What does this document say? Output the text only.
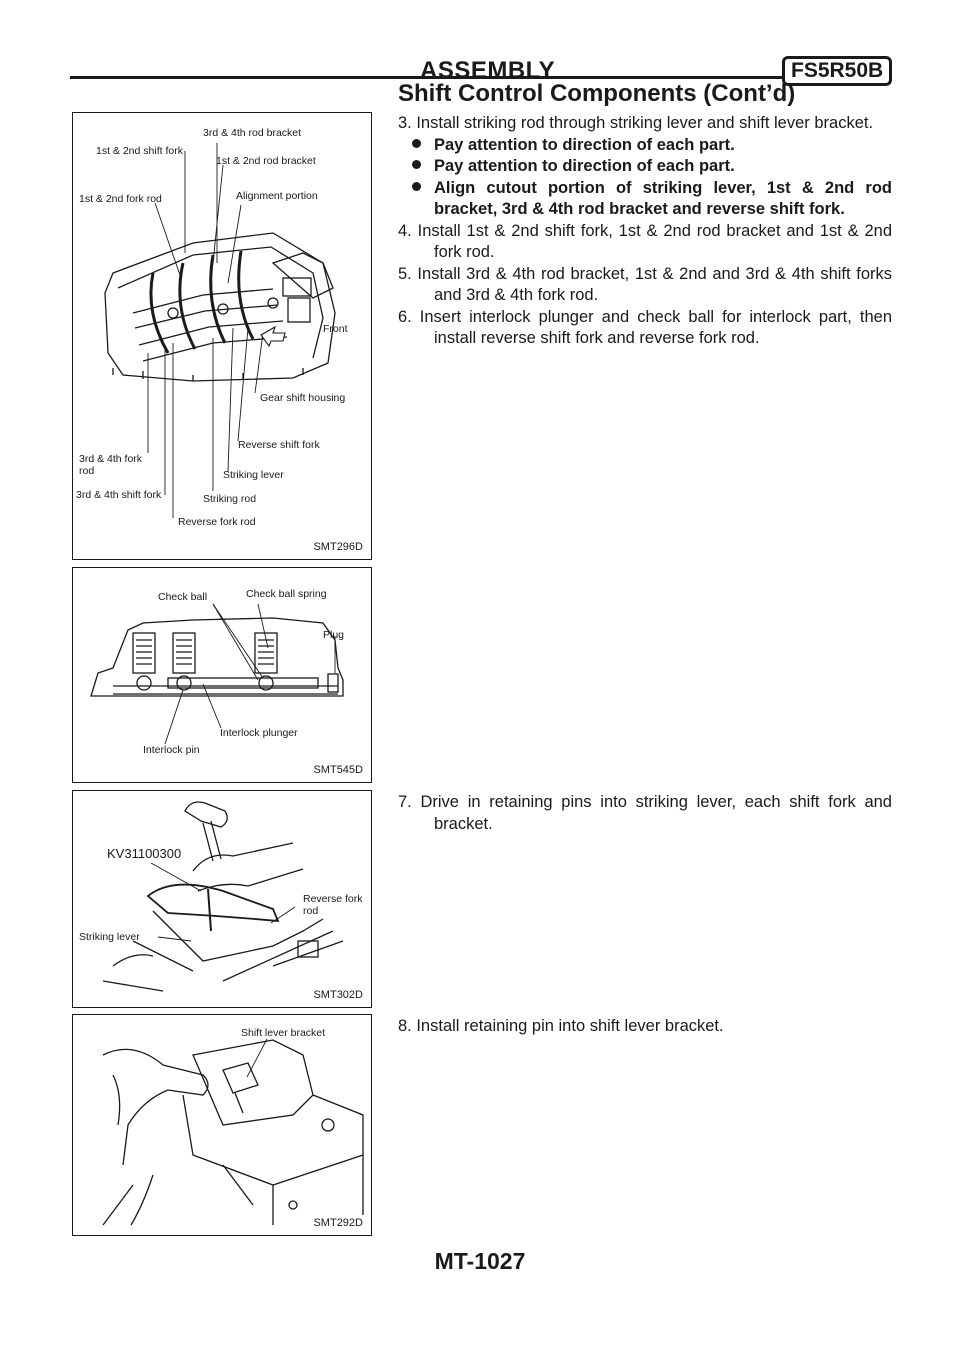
ASSEMBLY	FS5R50B
Shift Control Components (Cont’d)
3rd & 4th rod bracket
1st & 2nd shift fork
1st & 2nd rod bracket
1st & 2nd fork rod	Alignment portion
Front
Gear shift housing
Reverse shift fork
3rd & 4th fork
rod	Striking lever
3rd & 4th shift fork	Striking rod
Reverse fork rod
SMT296D
Check ball	Check ball spring
Plug
Interlock plunger
Interlock pin
SMT545D
KV31100300
Reverse fork
rod
Striking lever
SMT302D
Shift lever bracket
SMT292D

3. Install striking rod through striking lever and shift lever bracket.

Pay attention to direction of each part.

Pay attention to direction of each part.

Align cutout portion of striking lever, 1st & 2nd rod bracket, 3rd & 4th rod bracket and reverse shift fork.

4. Install 1st & 2nd shift fork, 1st & 2nd rod bracket and 1st & 2nd fork rod.

5. Install 3rd & 4th rod bracket, 1st & 2nd and 3rd & 4th shift forks and 3rd & 4th fork rod.

6. Insert interlock plunger and check ball for interlock part, then install reverse shift fork and reverse fork rod.

7. Drive in retaining pins into striking lever, each shift fork and bracket.

8. Install retaining pin into shift lever bracket.

MT-1027
